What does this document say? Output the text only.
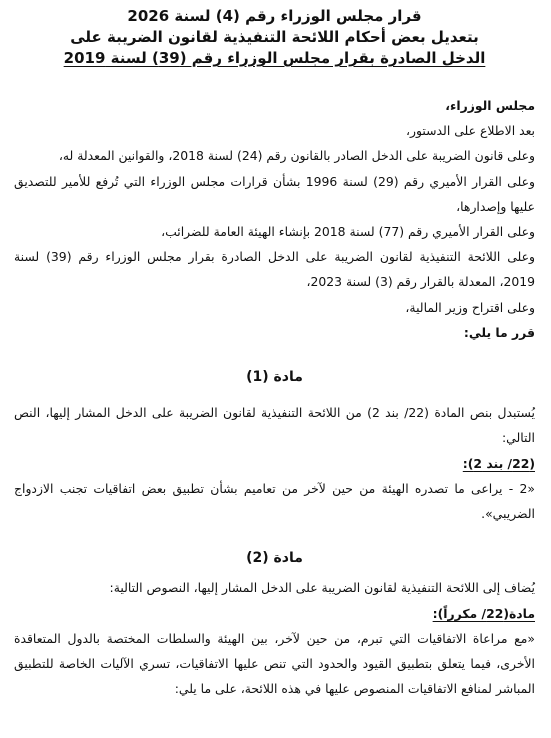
قرار مجلس الوزراء رقم (4) لسنة 2026
بتعديل بعض أحكام اللائحة التنفيذية لقانون الضريبة على
الدخل الصادرة بقرار مجلس الوزراء رقم (39) لسنة 2019

مجلس الوزراء،

بعد الاطلاع على الدستور،

وعلى قانون الضريبة على الدخل الصادر بالقانون رقم (24) لسنة 2018، والقوانين المعدلة له،

وعلى القرار الأميري رقم (29) لسنة 1996 بشأن قرارات مجلس الوزراء التي تُرفع للأمير للتصديق عليها وإصدارها،

وعلى القرار الأميري رقم (77) لسنة 2018 بإنشاء الهيئة العامة للضرائب،

وعلى اللائحة التنفيذية لقانون الضريبة على الدخل الصادرة بقرار مجلس الوزراء رقم (39) لسنة 2019، المعدلة بالقرار رقم (3) لسنة 2023،

وعلى اقتراح وزير المالية،

قرر ما يلي:

مادة (1)

يُستبدل بنص المادة (22/ بند 2) من اللائحة التنفيذية لقانون الضريبة على الدخل المشار إليها، النص التالي:

(22/ بند 2):

«2 - يراعى ما تصدره الهيئة من حين لآخر من تعاميم بشأن تطبيق بعض اتفاقيات تجنب الازدواج الضريبي».

مادة (2)

يُضاف إلى اللائحة التنفيذية لقانون الضريبة على الدخل المشار إليها، النصوص التالية:

مادة(22/ مكرراً):

«مع مراعاة الاتفاقيات التي تبرم، من حين لآخر، بين الهيئة والسلطات المختصة بالدول المتعاقدة الأخرى، فيما يتعلق بتطبيق القيود والحدود التي تنص عليها الاتفاقيات، تسري الآليات الخاصة للتطبيق المباشر لمنافع الاتفاقيات المنصوص عليها في هذه اللائحة، على ما يلي:
